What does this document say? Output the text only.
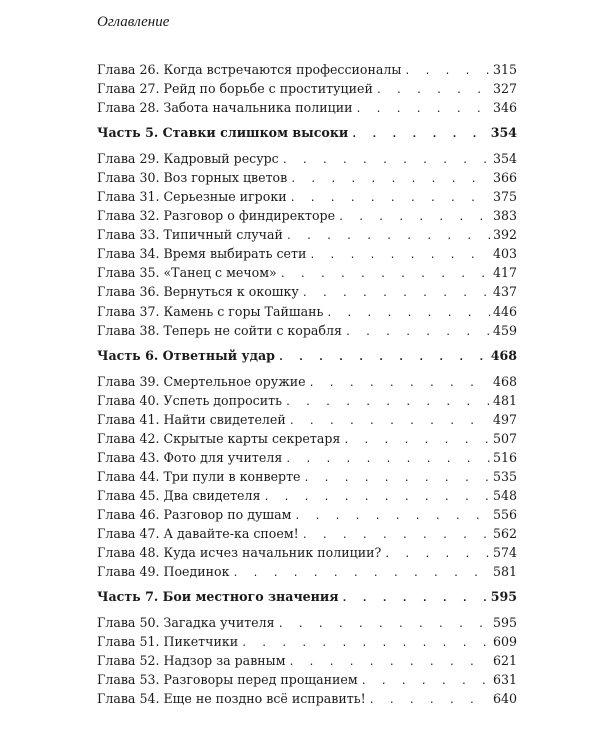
Оглавление
Глава 26. Когда встречаются профессионалы . . .	315
Глава 27. Рейд по борьбе с проституцией . . .	327
Глава 28. Забота начальника полиции . . .	346
Часть 5. Ставки слишком высоки . . .	354
Глава 29. Кадровый ресурс . . .	354
Глава 30. Воз горных цветов . . .	366
Глава 31. Серьезные игроки . . .	375
Глава 32. Разговор о финдиректоре . . .	383
Глава 33. Типичный случай . . .	392
Глава 34. Время выбирать сети . . .	403
Глава 35. «Танец с мечом» . . .	417
Глава 36. Вернуться к окошку . . .	437
Глава 37. Камень с горы Тайшань . . .	446
Глава 38. Теперь не сойти с корабля . . .	459
Часть 6. Ответный удар . . .	468
Глава 39. Смертельное оружие . . .	468
Глава 40. Успеть допросить . . .	481
Глава 41. Найти свидетелей . . .	497
Глава 42. Скрытые карты секретаря . . .	507
Глава 43. Фото для учителя . . .	516
Глава 44. Три пули в конверте . . .	535
Глава 45. Два свидетеля . . .	548
Глава 46. Разговор по душам . . .	556
Глава 47. А давайте-ка споем! . . .	562
Глава 48. Куда исчез начальник полиции? . . .	574
Глава 49. Поединок . . .	581
Часть 7. Бои местного значения . . .	595
Глава 50. Загадка учителя . . .	595
Глава 51. Пикетчики . . .	609
Глава 52. Надзор за равным . . .	621
Глава 53. Разговоры перед прощанием . . .	631
Глава 54. Еще не поздно всё исправить! . . .	640
